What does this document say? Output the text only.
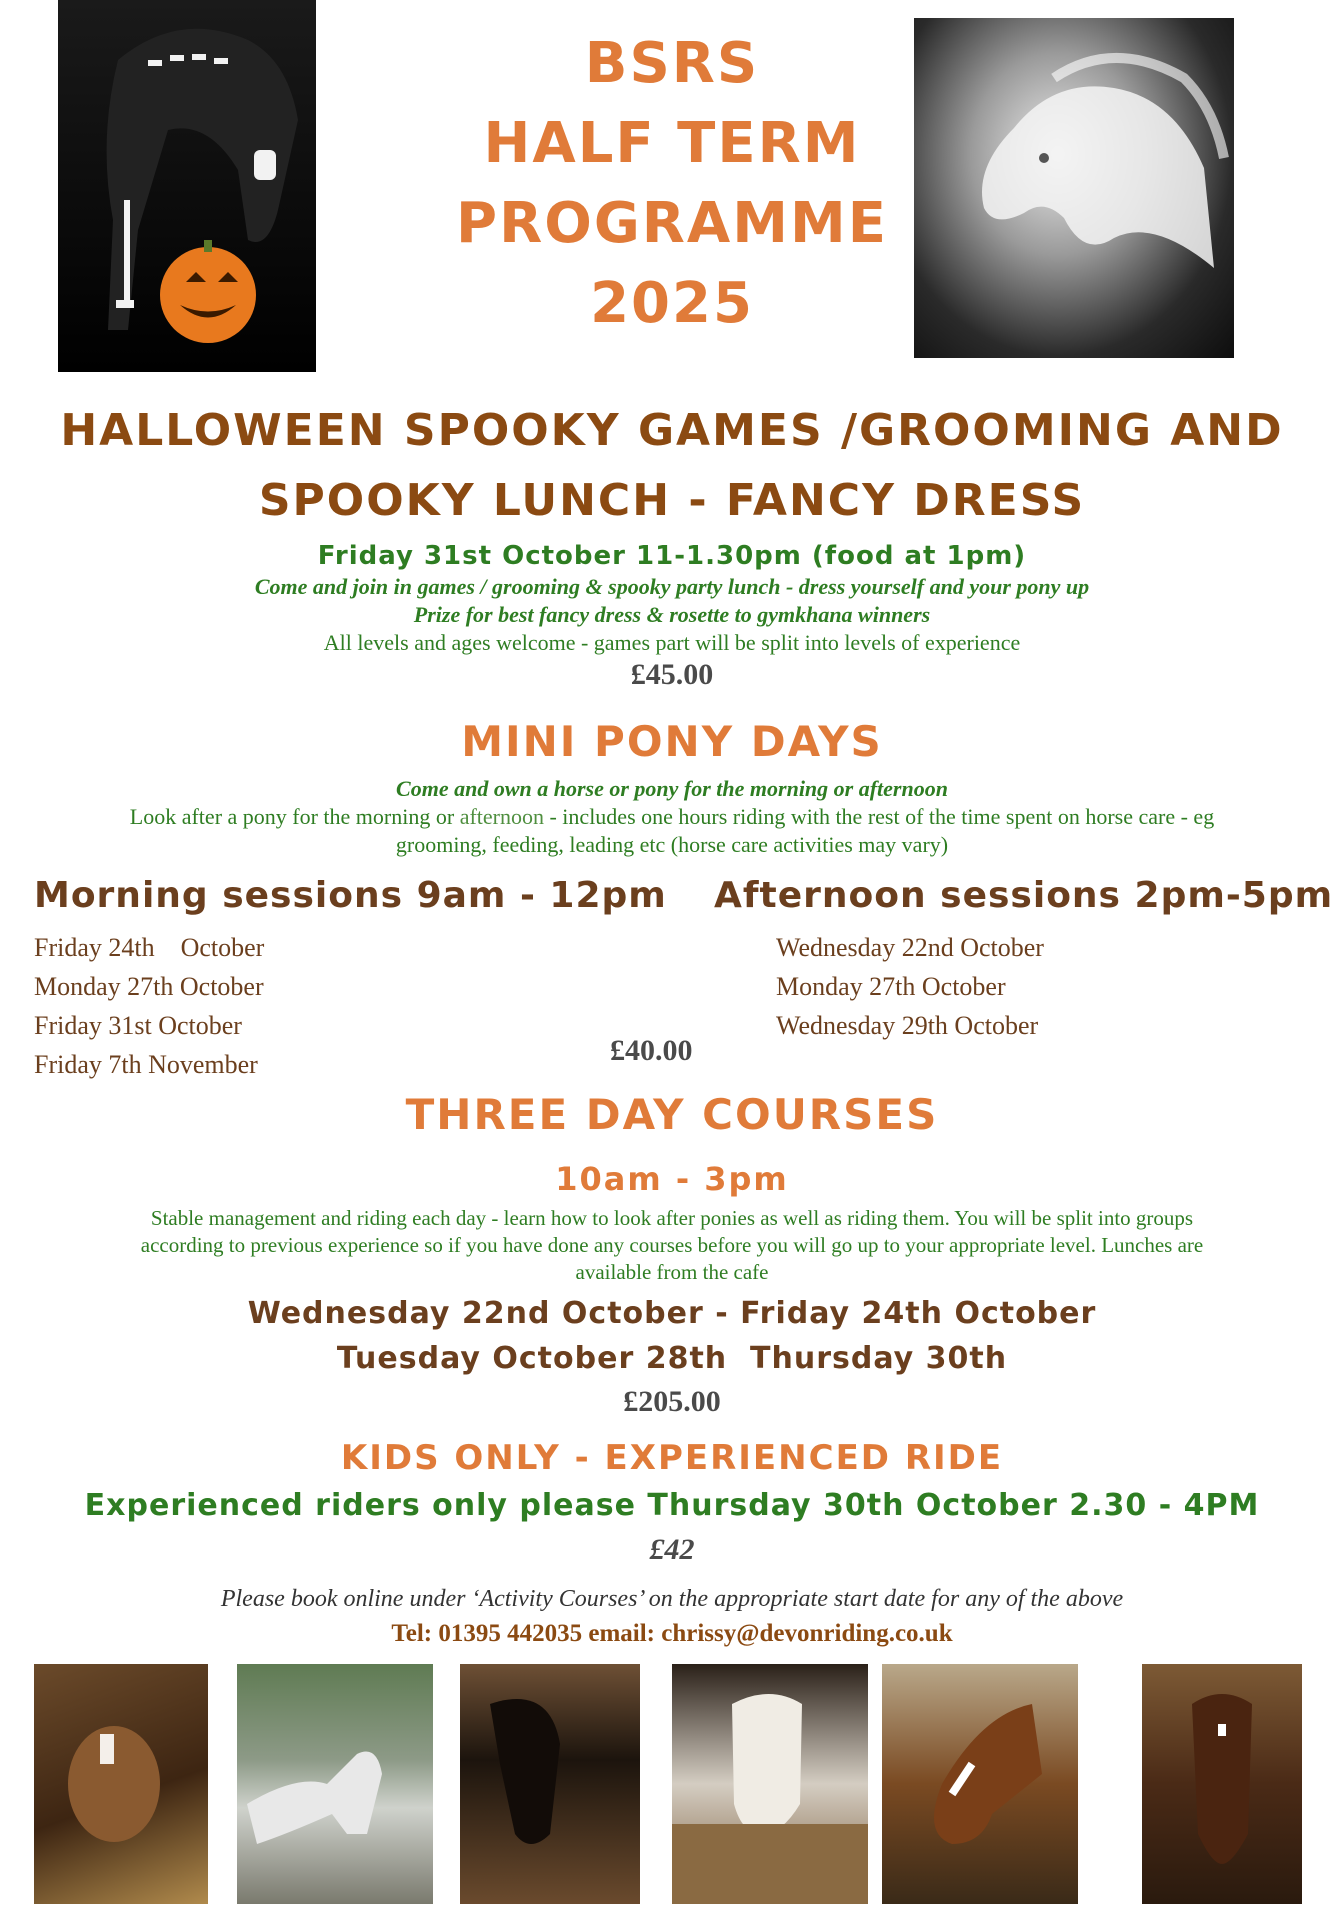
BSRS
HALF TERM
PROGRAMME
2025
HALLOWEEN SPOOKY GAMES /GROOMING AND
SPOOKY LUNCH - FANCY DRESS
Friday 31st October 11-1.30pm (food at 1pm)
Come and join in games / grooming & spooky party lunch - dress yourself and your pony up
Prize for best fancy dress & rosette to gymkhana winners
All levels and ages welcome - games part will be split into levels of experience
£45.00
MINI PONY DAYS
Come and own a horse or pony for the morning or afternoon
Look after a pony for the morning or afternoon - includes one hours riding with the rest of the time spent on horse care - eg
grooming, feeding, leading etc (horse care activities may vary)
Morning sessions 9am - 12pm Afternoon sessions 2pm-5pm
Friday 24th    October
Monday 27th October
Friday 31st October
Friday 7th November
Wednesday 22nd October
Monday 27th October
Wednesday 29th October
£40.00
THREE DAY COURSES
10am - 3pm
Stable management and riding each day - learn how to look after ponies as well as riding them. You will be split into groups
according to previous experience so if you have done any courses before you will go up to your appropriate level. Lunches are
available from the cafe
Wednesday 22nd October - Friday 24th October
Tuesday October 28th  Thursday 30th
£205.00
KIDS ONLY - EXPERIENCED RIDE
Experienced riders only please Thursday 30th October 2.30 - 4PM
£42
Please book online under ‘Activity Courses’ on the appropriate start date for any of the above
Tel: 01395 442035 email: chrissy@devonriding.co.uk
